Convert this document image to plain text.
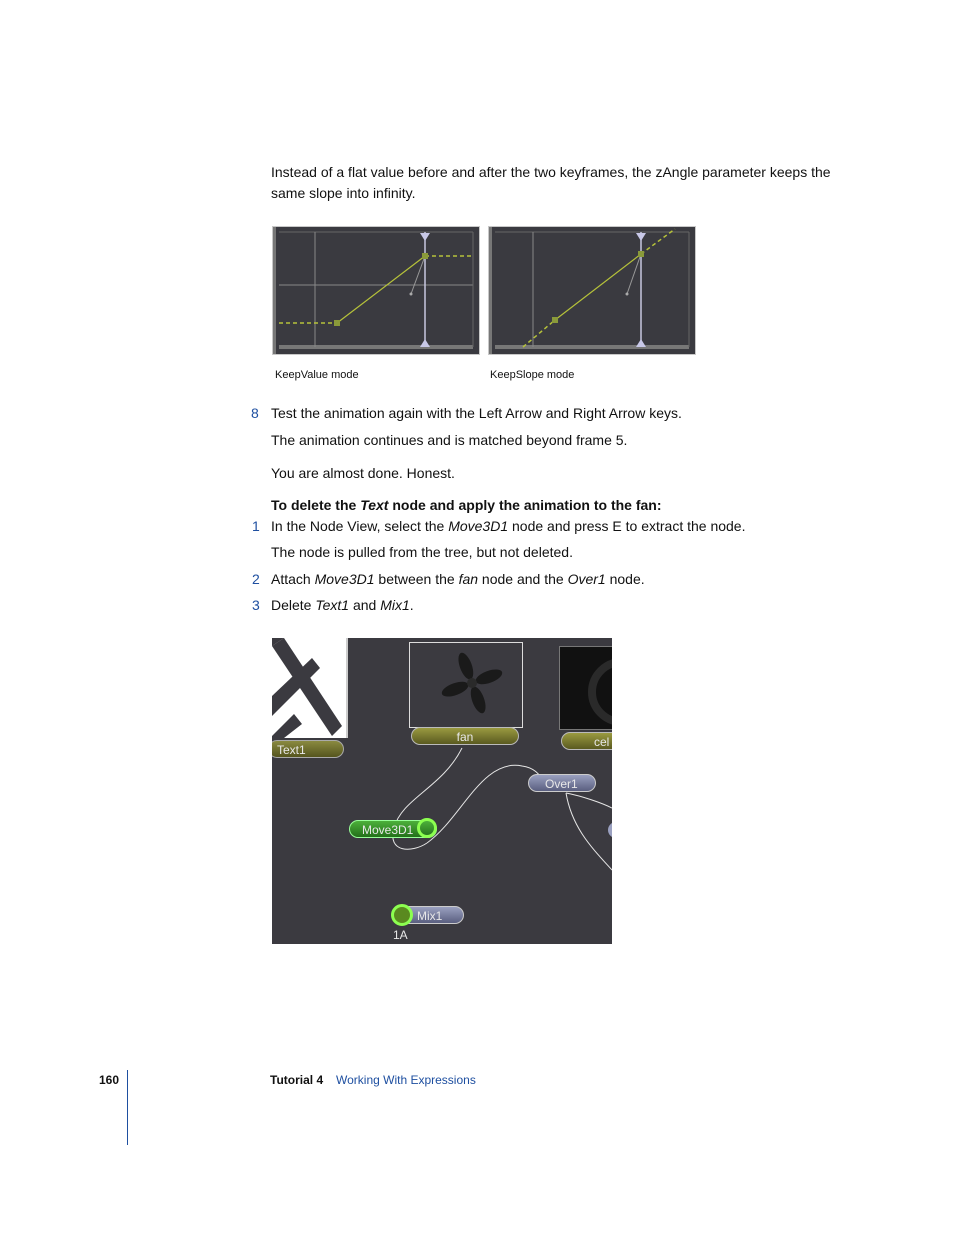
Instead of a flat value before and after the two keyframes, the zAngle parameter keeps the same slope into infinity.
KeepValue mode	KeepSlope mode
8 Test the animation again with the Left Arrow and Right Arrow keys.
The animation continues and is matched beyond frame 5.
You are almost done. Honest.
To delete the Text node and apply the animation to the fan:
1 In the Node View, select the Move3D1 node and press E to extract the node.
The node is pulled from the tree, but not deleted.
2 Attach Move3D1 between the fan node and the Over1 node.
3 Delete Text1 and Mix1.
Text1
fan	cel
Over1
Move3D1
Mix1
1A
160	Tutorial 4 Working With Expressions
